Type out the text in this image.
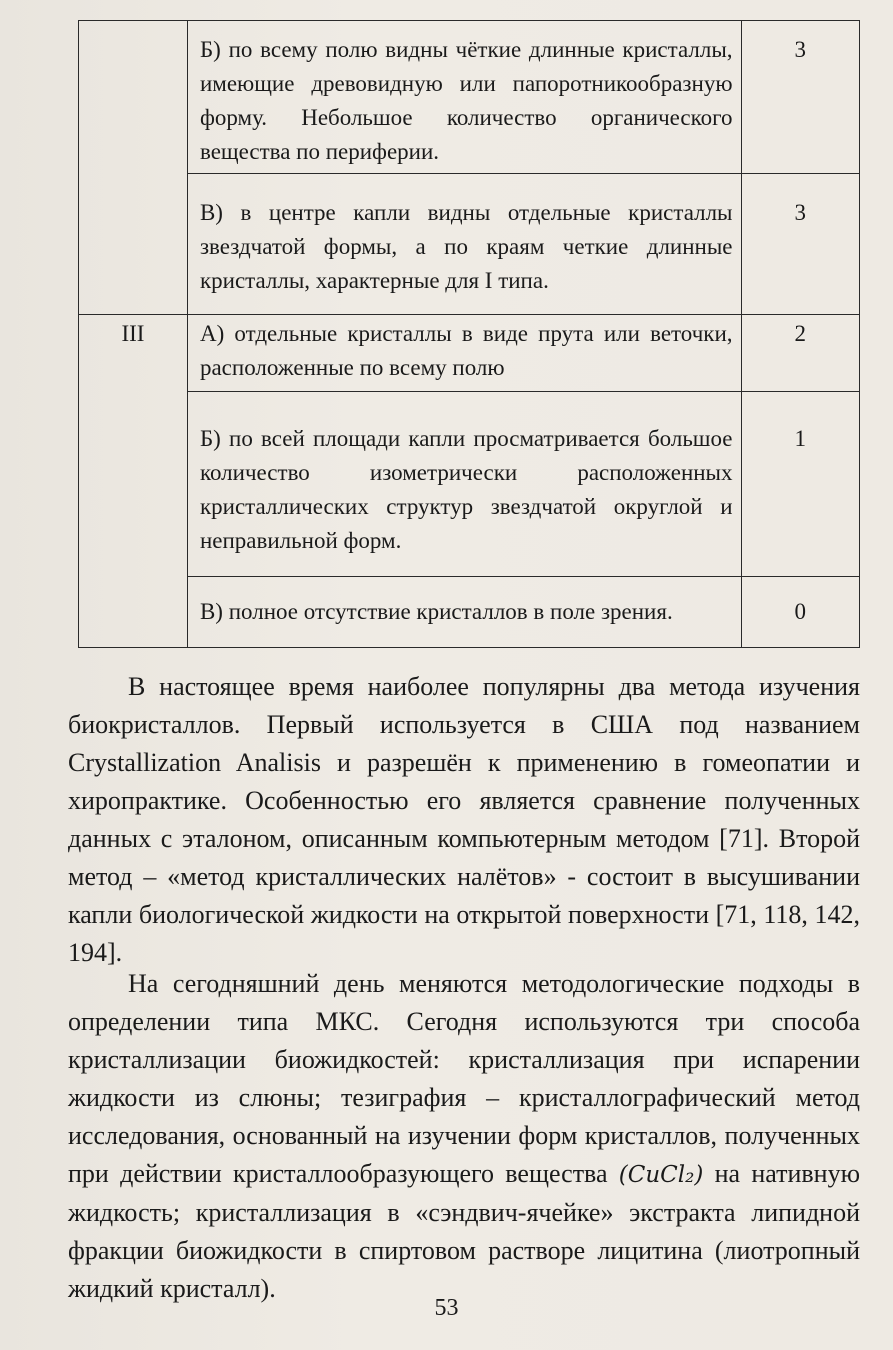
	Б) по всему полю видны чёткие длинные кристаллы, имеющие древовидную или папоротникообразную форму. Небольшое количество органического вещества по периферии.	3

	В) в центре капли видны отдельные кристаллы звездчатой формы, а по краям четкие длинные кристаллы, характерные для I типа.	3
III	А) отдельные кристаллы в виде прута или веточки, расположенные по всему полю	2

	Б) по всей площади капли просматривается большое количество изометрически расположенных кристаллических структур звездчатой округлой и неправильной форм.	1

	В) полное отсутствие кристаллов в поле зрения.	0

В настоящее время наиболее популярны два метода изучения биокристаллов. Первый используется в США под названием Crystallization Analisis и разрешён к применению в гомеопатии и хиропрактике. Особенностью его является сравнение полученных данных с эталоном, описанным компьютерным методом [71]. Второй метод – «метод кристаллических налётов» - состоит в высушивании капли биологической жидкости на открытой поверхности [71, 118, 142, 194].

На сегодняшний день меняются методологические подходы в определении типа МКС. Сегодня используются три способа кристаллизации биожидкостей: кристаллизация при испарении жидкости из слюны; тезиграфия – кристаллографический метод исследования, основанный на изучении форм кристаллов, полученных при действии кристаллообразующего вещества (CuCl₂) на нативную жидкость; кристаллизация в «сэндвич-ячейке» экстракта липидной фракции биожидкости в спиртовом растворе лицитина (лиотропный жидкий кристалл).

53
